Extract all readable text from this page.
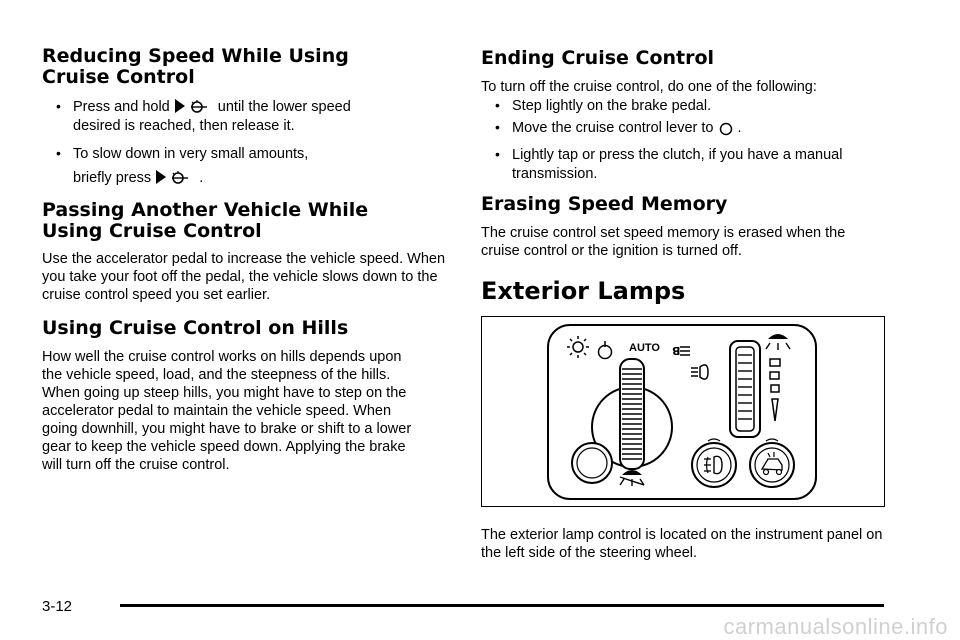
Reducing Speed While Using Cruise Control
• Press and hold	until the lower speed
desired is reached, then release it.
• To slow down in very small amounts,
briefly press	.
Passing Another Vehicle While Using Cruise Control

Use the accelerator pedal to increase the vehicle speed. When you take your foot off the pedal, the vehicle slows down to the cruise control speed you set earlier.

Using Cruise Control on Hills

How well the cruise control works on hills depends upon the vehicle speed, load, and the steepness of the hills. When going up steep hills, you might have to step on the accelerator pedal to maintain the vehicle speed. When going downhill, you might have to brake or shift to a lower gear to keep the vehicle speed down. Applying the brake will turn off the cruise control.

Ending Cruise Control

To turn off the cruise control, do one of the following:

• Step lightly on the brake pedal.
• Move the cruise control lever to .
• Lightly tap or press the clutch, if you have a manual transmission.
Erasing Speed Memory

The cruise control set speed memory is erased when the cruise control or the ignition is turned off.

Exterior Lamps

The exterior lamp control is located on the instrument panel on the left side of the steering wheel.

AUTO ꓭ
3-12
carmanualsonline.info
